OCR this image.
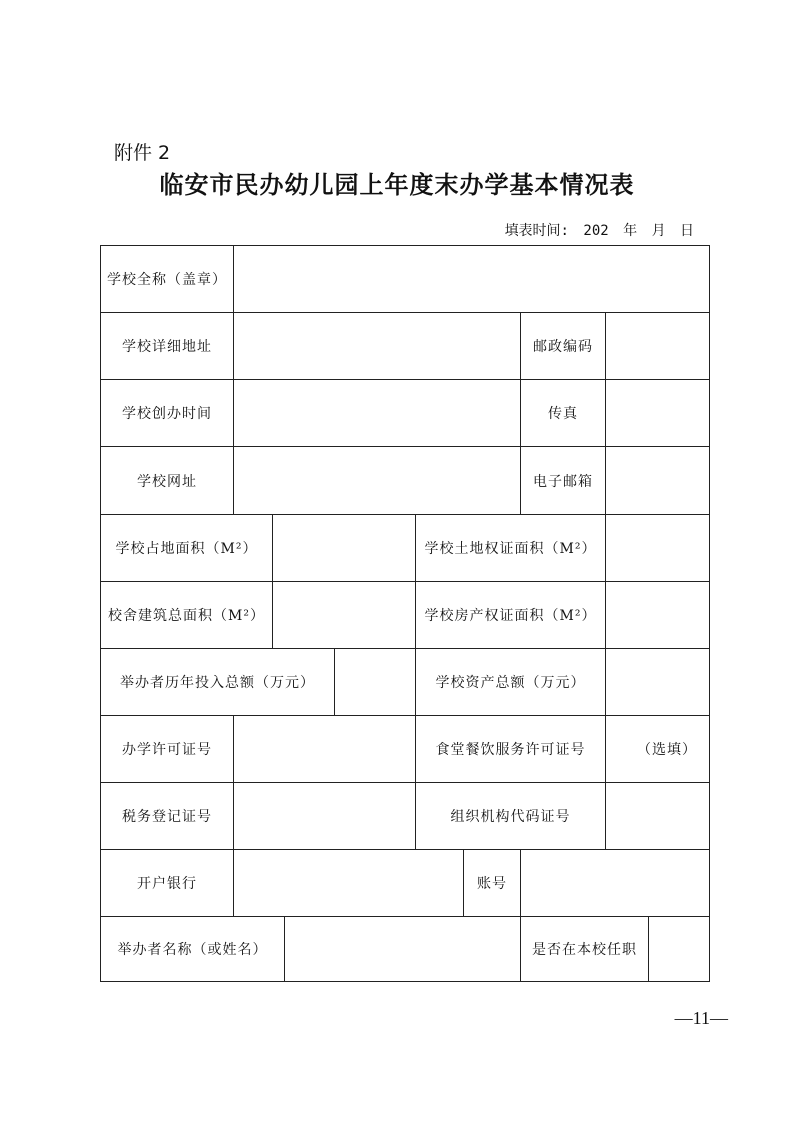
附件 2
临安市民办幼儿园上年度末办学基本情况表
填表时间: 202 年 月 日
学校全称（盖章）
学校详细地址	邮政编码
学校创办时间	传真
学校网址	电子邮箱
学校占地面积（M²）	学校土地权证面积（M²）
校舍建筑总面积（M²）	学校房产权证面积（M²）
举办者历年投入总额（万元）	学校资产总额（万元）
办学许可证号	食堂餐饮服务许可证号	（选填）
税务登记证号	组织机构代码证号
开户银行	账号
举办者名称（或姓名）	是否在本校任职
—11—
